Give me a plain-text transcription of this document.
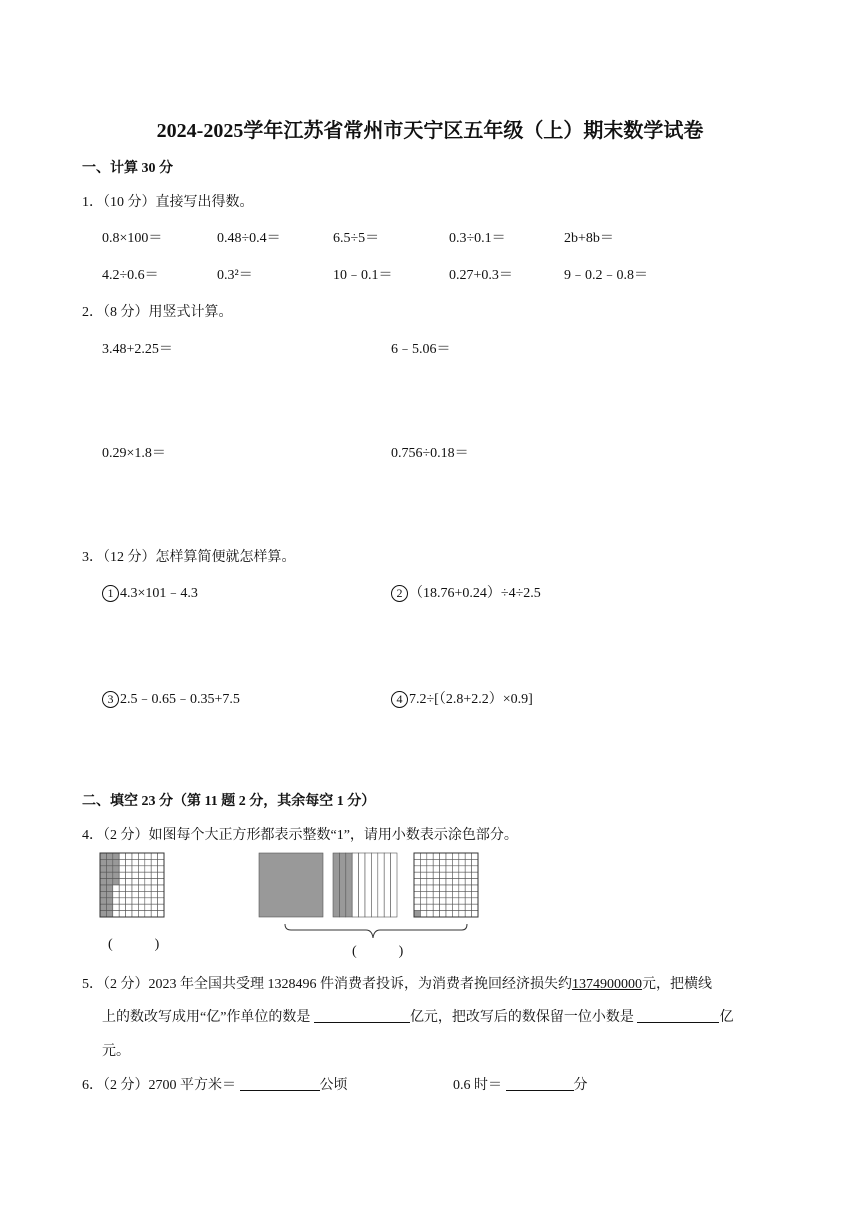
2024-2025学年江苏省常州市天宁区五年级（上）期末数学试卷
一、计算 30 分
1．（10 分）直接写出得数。
0.8×100＝	0.48÷0.4＝	6.5÷5＝	0.3÷0.1＝	2b+8b＝
4.2÷0.6＝	0.3²＝	10﹣0.1＝	0.27+0.3＝	9﹣0.2﹣0.8＝
2．（8 分）用竖式计算。
3.48+2.25＝	6﹣5.06＝
0.29×1.8＝	0.756÷0.18＝
3．（12 分）怎样算简便就怎样算。
1 4.3×101﹣4.3	2 （18.76+0.24）÷4÷2.5
3 2.5﹣0.65﹣0.35+7.5	4 7.2÷[（2.8+2.2）×0.9]
二、填空 23 分（第 11 题 2 分，其余每空 1 分）
4．（2 分）如图每个大正方形都表示整数“1”，请用小数表示涂色部分。
(　　　)	(　　　)
5．（2 分）2023 年全国共受理 1328496 件消费者投诉，为消费者挽回经济损失约1374900000元，把横线
上的数改写成用“亿”作单位的数是	亿元，把改写后的数保留一位小数是	亿
元。
6．（2 分）2700 平方米＝	公顷	0.6 时＝	分
